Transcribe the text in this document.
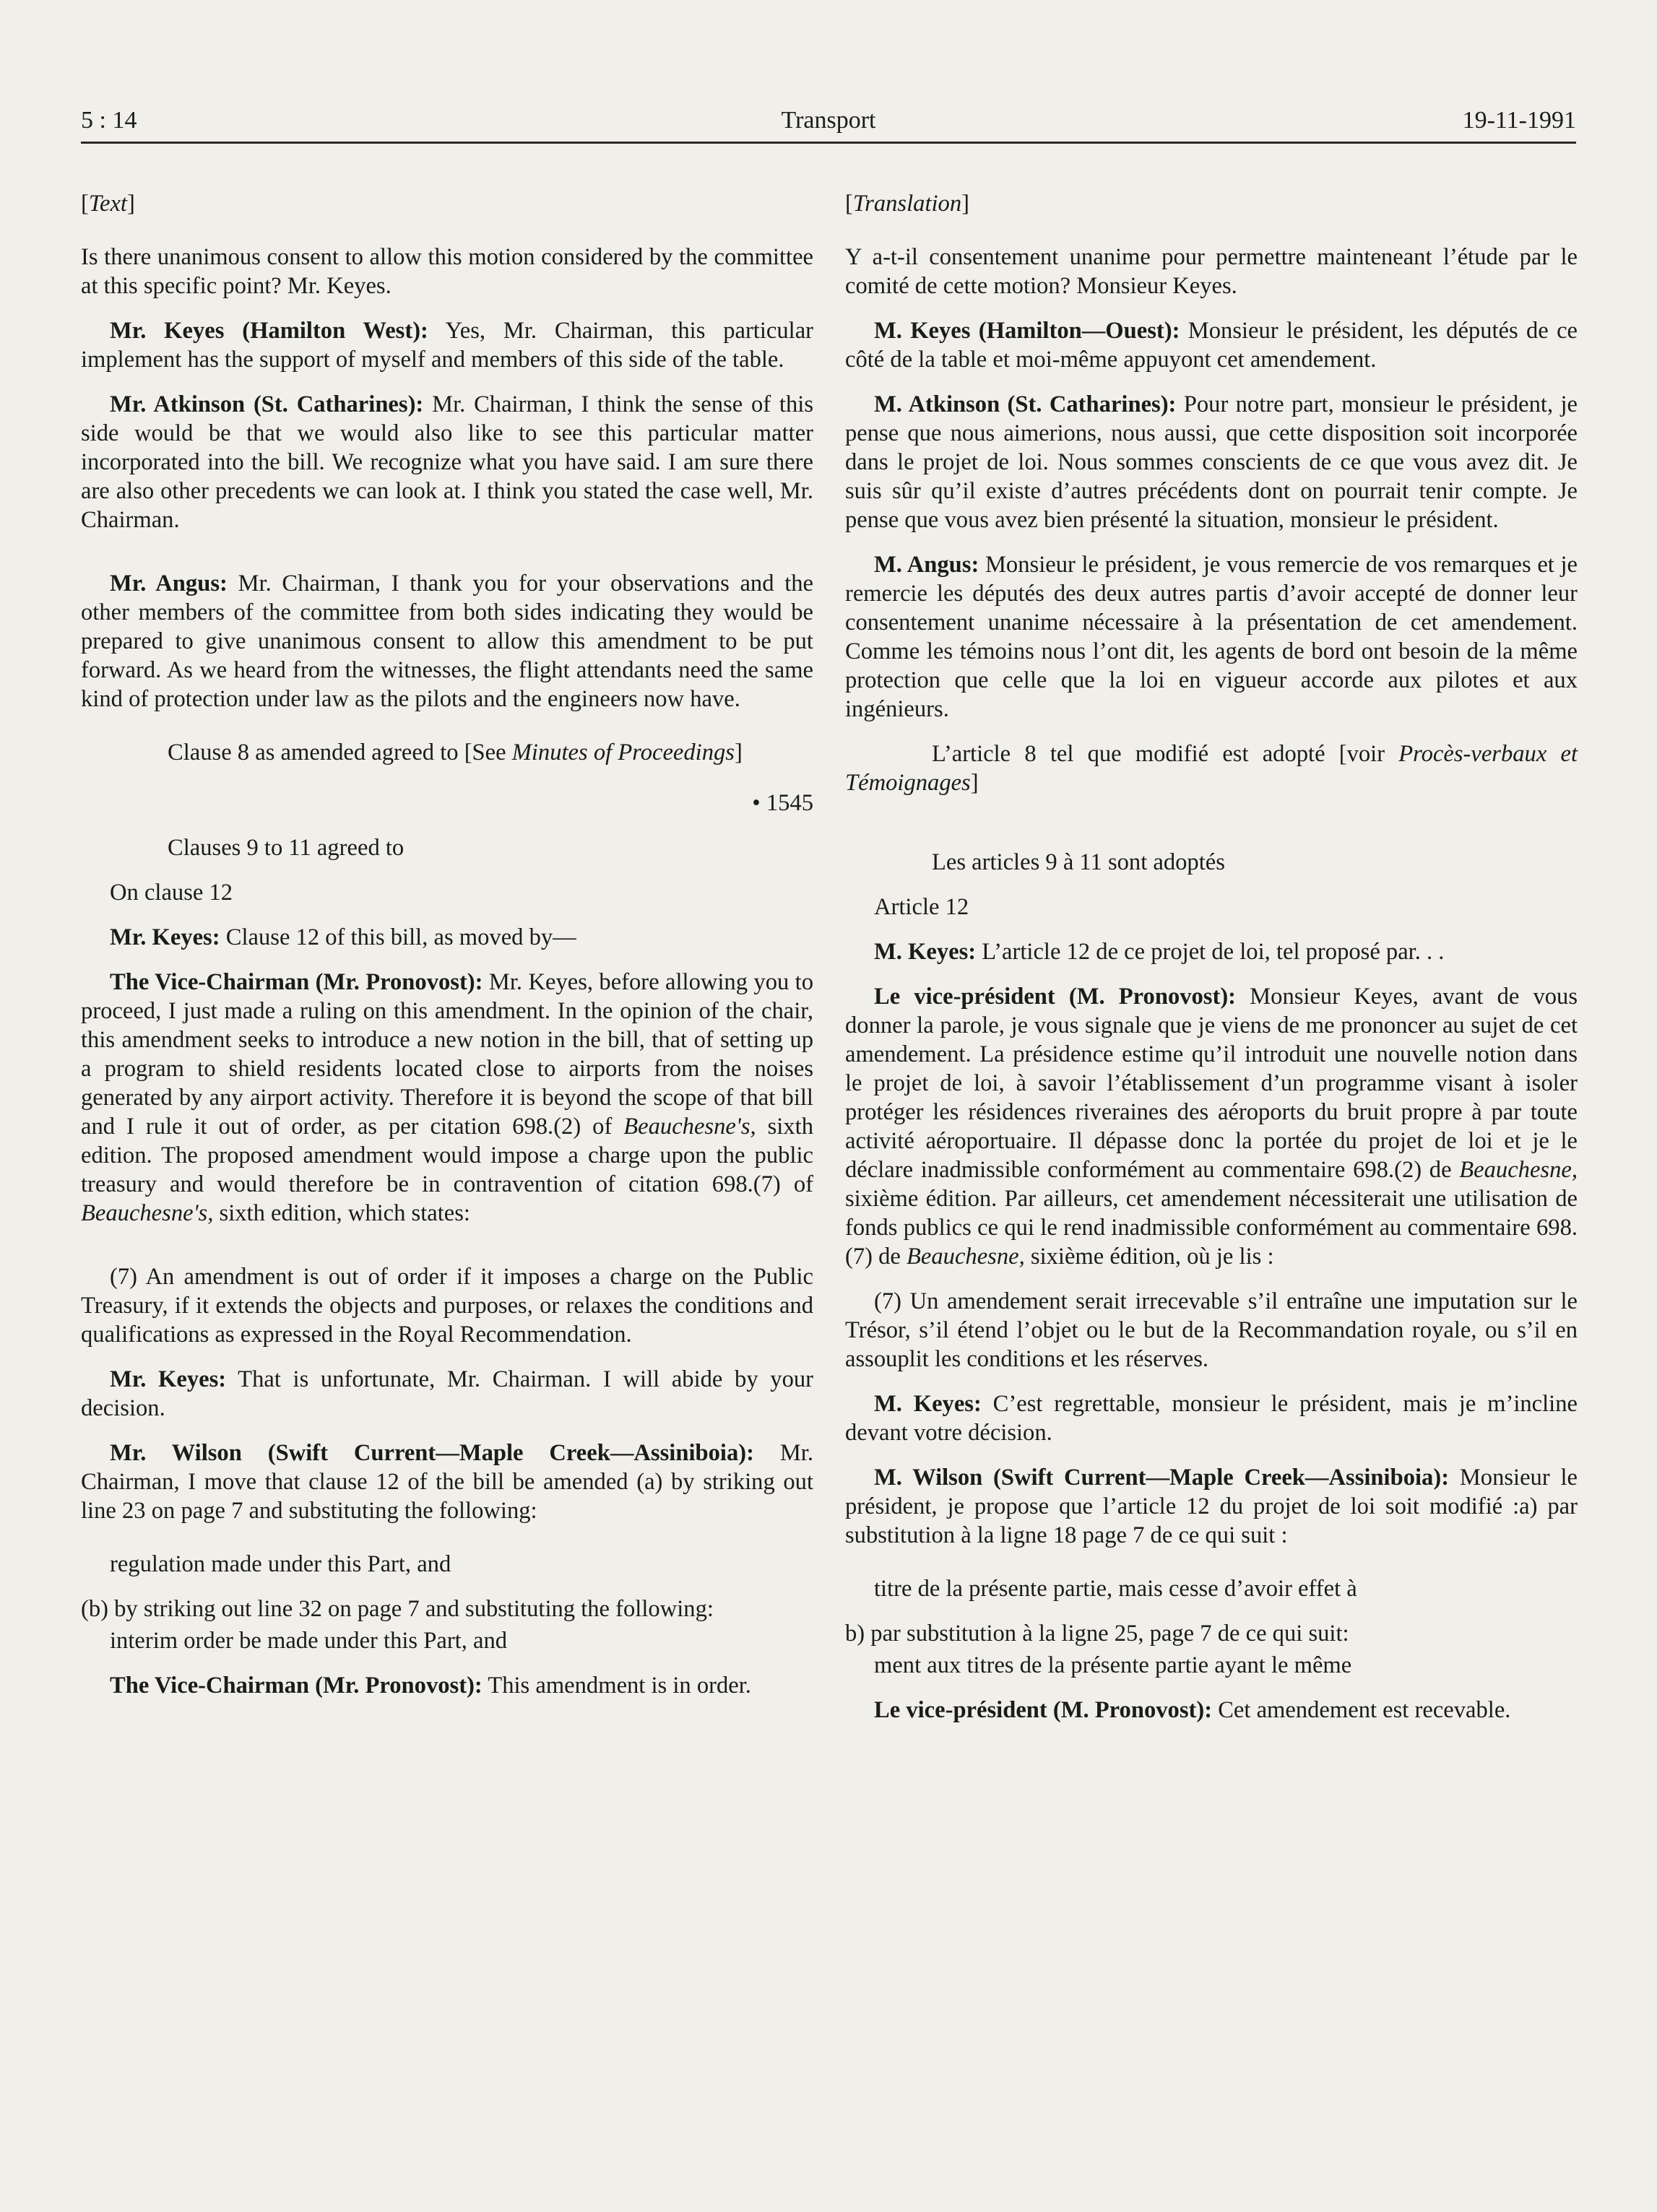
5 : 14	Transport	19-11-1991

[Text]

Is there unanimous consent to allow this motion considered by the committee at this specific point? Mr. Keyes.

Mr. Keyes (Hamilton West): Yes, Mr. Chairman, this particular implement has the support of myself and members of this side of the table.

Mr. Atkinson (St. Catharines): Mr. Chairman, I think the sense of this side would be that we would also like to see this particular matter incorporated into the bill. We recognize what you have said. I am sure there are also other precedents we can look at. I think you stated the case well, Mr. Chairman.

Mr. Angus: Mr. Chairman, I thank you for your observations and the other members of the committee from both sides indicating they would be prepared to give unanimous consent to allow this amendment to be put forward. As we heard from the witnesses, the flight attendants need the same kind of protection under law as the pilots and the engineers now have.

Clause 8 as amended agreed to [See Minutes of Proceedings]

• 1545

Clauses 9 to 11 agreed to

On clause 12

Mr. Keyes: Clause 12 of this bill, as moved by—

The Vice-Chairman (Mr. Pronovost): Mr. Keyes, before allowing you to proceed, I just made a ruling on this amendment. In the opinion of the chair, this amendment seeks to introduce a new notion in the bill, that of setting up a program to shield residents located close to airports from the noises generated by any airport activity. Therefore it is beyond the scope of that bill and I rule it out of order, as per citation 698.(2) of Beauchesne's, sixth edition. The proposed amendment would impose a charge upon the public treasury and would therefore be in contravention of citation 698.(7) of Beauchesne's, sixth edition, which states:

(7) An amendment is out of order if it imposes a charge on the Public Treasury, if it extends the objects and purposes, or relaxes the conditions and qualifications as expressed in the Royal Recommendation.

Mr. Keyes: That is unfortunate, Mr. Chairman. I will abide by your decision.

Mr. Wilson (Swift Current—Maple Creek—Assiniboia): Mr. Chairman, I move that clause 12 of the bill be amended (a) by striking out line 23 on page 7 and substituting the following:

regulation made under this Part, and

(b) by striking out line 32 on page 7 and substituting the following:

interim order be made under this Part, and

The Vice-Chairman (Mr. Pronovost): This amendment is in order.

[Translation]

Y a-t-il consentement unanime pour permettre mainteneant l’étude par le comité de cette motion? Monsieur Keyes.

M. Keyes (Hamilton—Ouest): Monsieur le président, les députés de ce côté de la table et moi-même appuyont cet amendement.

M. Atkinson (St. Catharines): Pour notre part, monsieur le président, je pense que nous aimerions, nous aussi, que cette disposition soit incorporée dans le projet de loi. Nous sommes conscients de ce que vous avez dit. Je suis sûr qu’il existe d’autres précédents dont on pourrait tenir compte. Je pense que vous avez bien présenté la situation, monsieur le président.

M. Angus: Monsieur le président, je vous remercie de vos remarques et je remercie les députés des deux autres partis d’avoir accepté de donner leur consentement unanime nécessaire à la présentation de cet amendement. Comme les témoins nous l’ont dit, les agents de bord ont besoin de la même protection que celle que la loi en vigueur accorde aux pilotes et aux ingénieurs.

L’article 8 tel que modifié est adopté [voir Procès-verbaux et Témoignages]

Les articles 9 à 11 sont adoptés

Article 12

M. Keyes: L’article 12 de ce projet de loi, tel proposé par. . .

Le vice-président (M. Pronovost): Monsieur Keyes, avant de vous donner la parole, je vous signale que je viens de me prononcer au sujet de cet amendement. La présidence estime qu’il introduit une nouvelle notion dans le projet de loi, à savoir l’établissement d’un programme visant à isoler protéger les résidences riveraines des aéroports du bruit propre à par toute activité aéroportuaire. Il dépasse donc la portée du projet de loi et je le déclare inadmissible conformément au commentaire 698.(2) de Beauchesne, sixième édition. Par ailleurs, cet amendement nécessiterait une utilisation de fonds publics ce qui le rend inadmissible conformément au commentaire 698.(7) de Beauchesne, sixième édition, où je lis :

(7) Un amendement serait irrecevable s’il entraîne une imputation sur le Trésor, s’il étend l’objet ou le but de la Recommandation royale, ou s’il en assouplit les conditions et les réserves.

M. Keyes: C’est regrettable, monsieur le président, mais je m’incline devant votre décision.

M. Wilson (Swift Current—Maple Creek—Assiniboia): Monsieur le président, je propose que l’article 12 du projet de loi soit modifié :a) par substitution à la ligne 18 page 7 de ce qui suit :

titre de la présente partie, mais cesse d’avoir effet à

b) par substitution à la ligne 25, page 7 de ce qui suit:

ment aux titres de la présente partie ayant le même

Le vice-président (M. Pronovost): Cet amendement est recevable.
